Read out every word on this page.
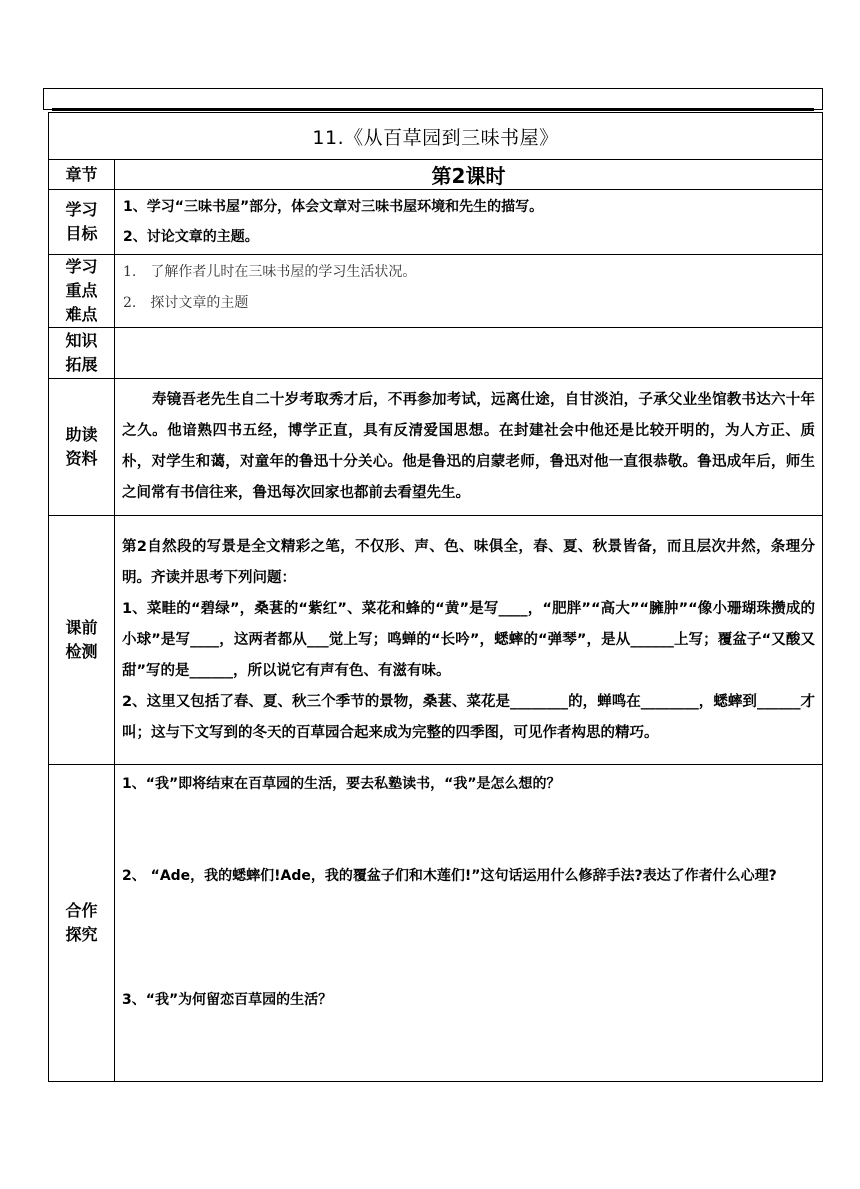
11.《从百草园到三味书屋》	
章节	第2课时

学习目标	1、学习“三味书屋”部分，体会文章对三味书屋环境和先生的描写。
2、讨论文章的主题。

学习重点难点	1.　了解作者儿时在三味书屋的学习生活状况。
2.　探讨文章的主题

知识拓展	

助读资料	寿镜吾老先生自二十岁考取秀才后，不再参加考试，远离仕途，自甘淡泊，子承父业坐馆教书达六十年之久。他谙熟四书五经，博学正直，具有反清爱国思想。在封建社会中他还是比较开明的，为人方正、质朴，对学生和蔼，对童年的鲁迅十分关心。他是鲁迅的启蒙老师，鲁迅对他一直很恭敬。鲁迅成年后，师生之间常有书信往来，鲁迅每次回家也都前去看望先生。

课前检测	第2自然段的写景是全文精彩之笔，不仅形、声、色、味俱全，春、夏、秋景皆备，而且层次井然，条理分明。齐读并思考下列问题：
1、菜畦的“碧绿”，桑葚的“紫红”、菜花和蜂的“黄”是写____，“肥胖”“高大”“臃肿”“像小珊瑚珠攒成的小球”是写____，这两者都从___觉上写；鸣蝉的“长吟”，蟋蟀的“弹琴”，是从______上写；覆盆子“又酸又甜”写的是______，所以说它有声有色、有滋有味。
2、这里又包括了春、夏、秋三个季节的景物，桑葚、菜花是________的，蝉鸣在________，蟋蟀到______才叫；这与下文写到的冬天的百草园合起来成为完整的四季图，可见作者构思的精巧。

合作探究	1、“我”即将结束在百草园的生活，要去私塾读书，“我”是怎么想的？
2、 “Ade，我的蟋蟀们!Ade，我的覆盆子们和木莲们!”这句话运用什么修辞手法?表达了作者什么心理?
3、“我”为何留恋百草园的生活？
